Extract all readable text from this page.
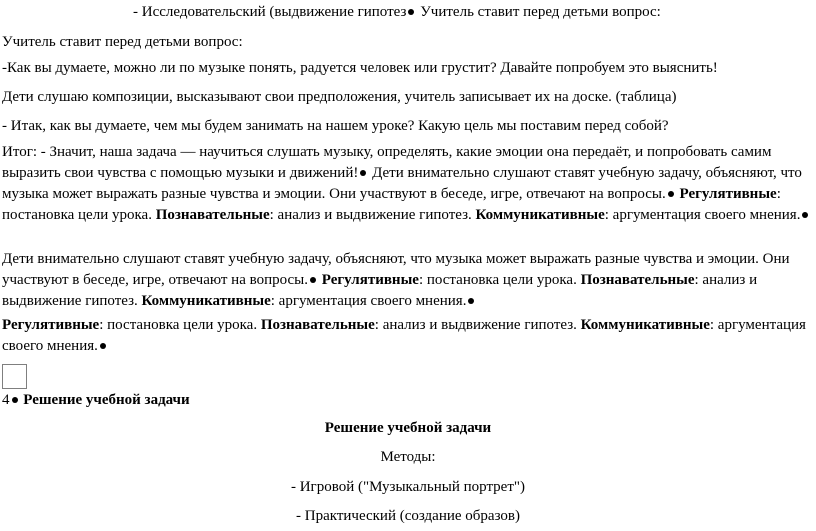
- Исследовательский (выдвижение гипотез Учитель ставит перед детьми вопрос:

Учитель ставит перед детьми вопрос:

-Как вы думаете, можно ли по музыке понять, радуется человек или грустит? Давайте попробуем это выяснить!

Дети слушаю композиции, высказывают свои предположения, учитель записывает их на доске. (таблица)

- Итак, как вы думаете, чем мы будем занимать на нашем уроке? Какую цель мы поставим перед собой?

Итог: - Значит, наша задача — научиться слушать музыку, определять, какие эмоции она передаёт, и попробовать самим выразить свои чувства с помощью музыки и движений! Дети внимательно слушают ставят учебную задачу, объясняют, что музыка может выражать разные чувства и эмоции. Они участвуют в беседе, игре, отвечают на вопросы. Регулятивные: постановка цели урока. Познавательные: анализ и выдвижение гипотез. Коммуникативные: аргументация своего мнения.

Дети внимательно слушают ставят учебную задачу, объясняют, что музыка может выражать разные чувства и эмоции. Они участвуют в беседе, игре, отвечают на вопросы. Регулятивные: постановка цели урока. Познавательные: анализ и выдвижение гипотез. Коммуникативные: аргументация своего мнения.

Регулятивные: постановка цели урока. Познавательные: анализ и выдвижение гипотез. Коммуникативные: аргументация своего мнения.

4 Решение учебной задачи

Решение учебной задачи

Методы:

- Игровой ("Музыкальный портрет")

- Практический (создание образов)
